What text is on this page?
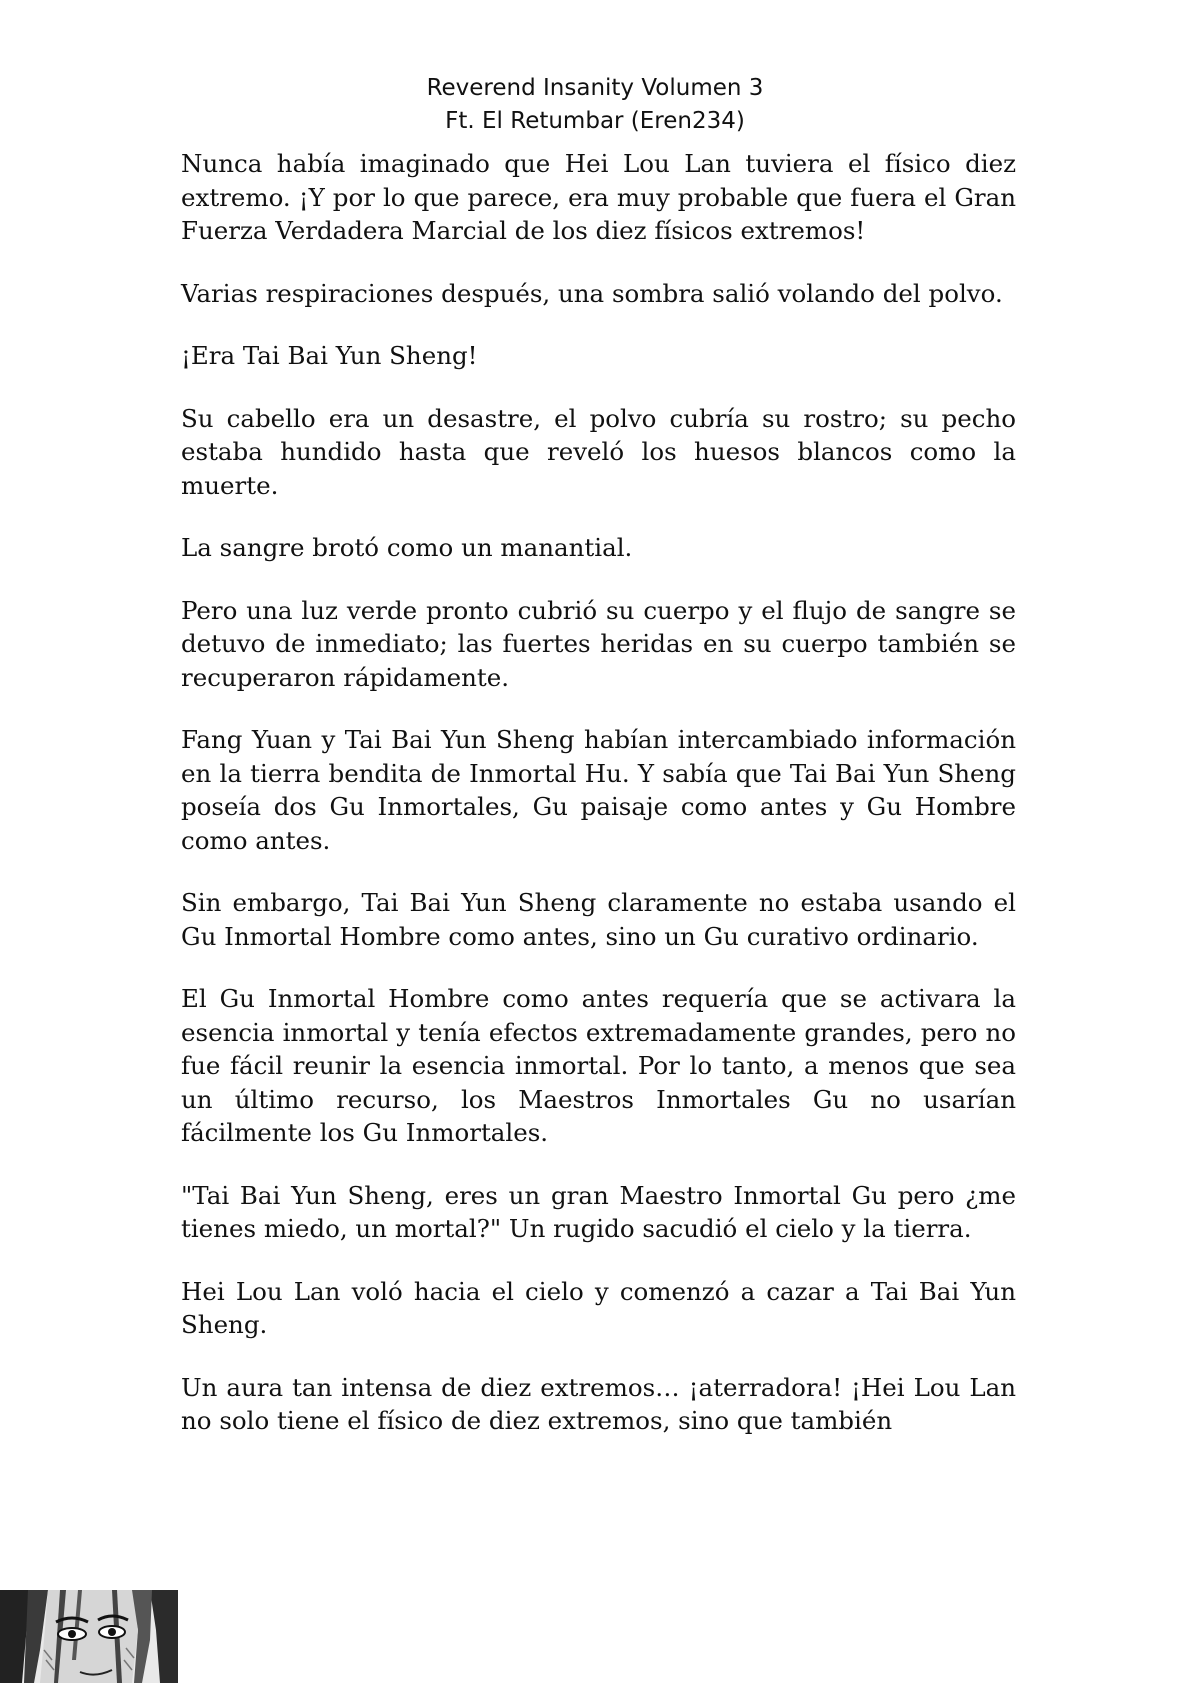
Reverend Insanity Volumen 3
Ft. El Retumbar (Eren234)

Nunca había imaginado que Hei Lou Lan tuviera el físico diez extremo. ¡Y por lo que parece, era muy probable que fuera el Gran Fuerza Verdadera Marcial de los diez físicos extremos!

Varias respiraciones después, una sombra salió volando del polvo.

¡Era Tai Bai Yun Sheng!

Su cabello era un desastre, el polvo cubría su rostro; su pecho estaba hundido hasta que reveló los huesos blancos como la muerte.

La sangre brotó como un manantial.

Pero una luz verde pronto cubrió su cuerpo y el flujo de sangre se detuvo de inmediato; las fuertes heridas en su cuerpo también se recuperaron rápidamente.

Fang Yuan y Tai Bai Yun Sheng habían intercambiado información en la tierra bendita de Inmortal Hu. Y sabía que Tai Bai Yun Sheng poseía dos Gu Inmortales, Gu paisaje como antes y Gu Hombre como antes.

Sin embargo, Tai Bai Yun Sheng claramente no estaba usando el Gu Inmortal Hombre como antes, sino un Gu curativo ordinario.

El Gu Inmortal Hombre como antes requería que se activara la esencia inmortal y tenía efectos extremadamente grandes, pero no fue fácil reunir la esencia inmortal. Por lo tanto, a menos que sea un último recurso, los Maestros Inmortales Gu no usarían fácilmente los Gu Inmortales.

"Tai Bai Yun Sheng, eres un gran Maestro Inmortal Gu pero ¿me tienes miedo, un mortal?" Un rugido sacudió el cielo y la tierra.

Hei Lou Lan voló hacia el cielo y comenzó a cazar a Tai Bai Yun Sheng.

Un aura tan intensa de diez extremos… ¡aterradora! ¡Hei Lou Lan no solo tiene el físico de diez extremos, sino que también
